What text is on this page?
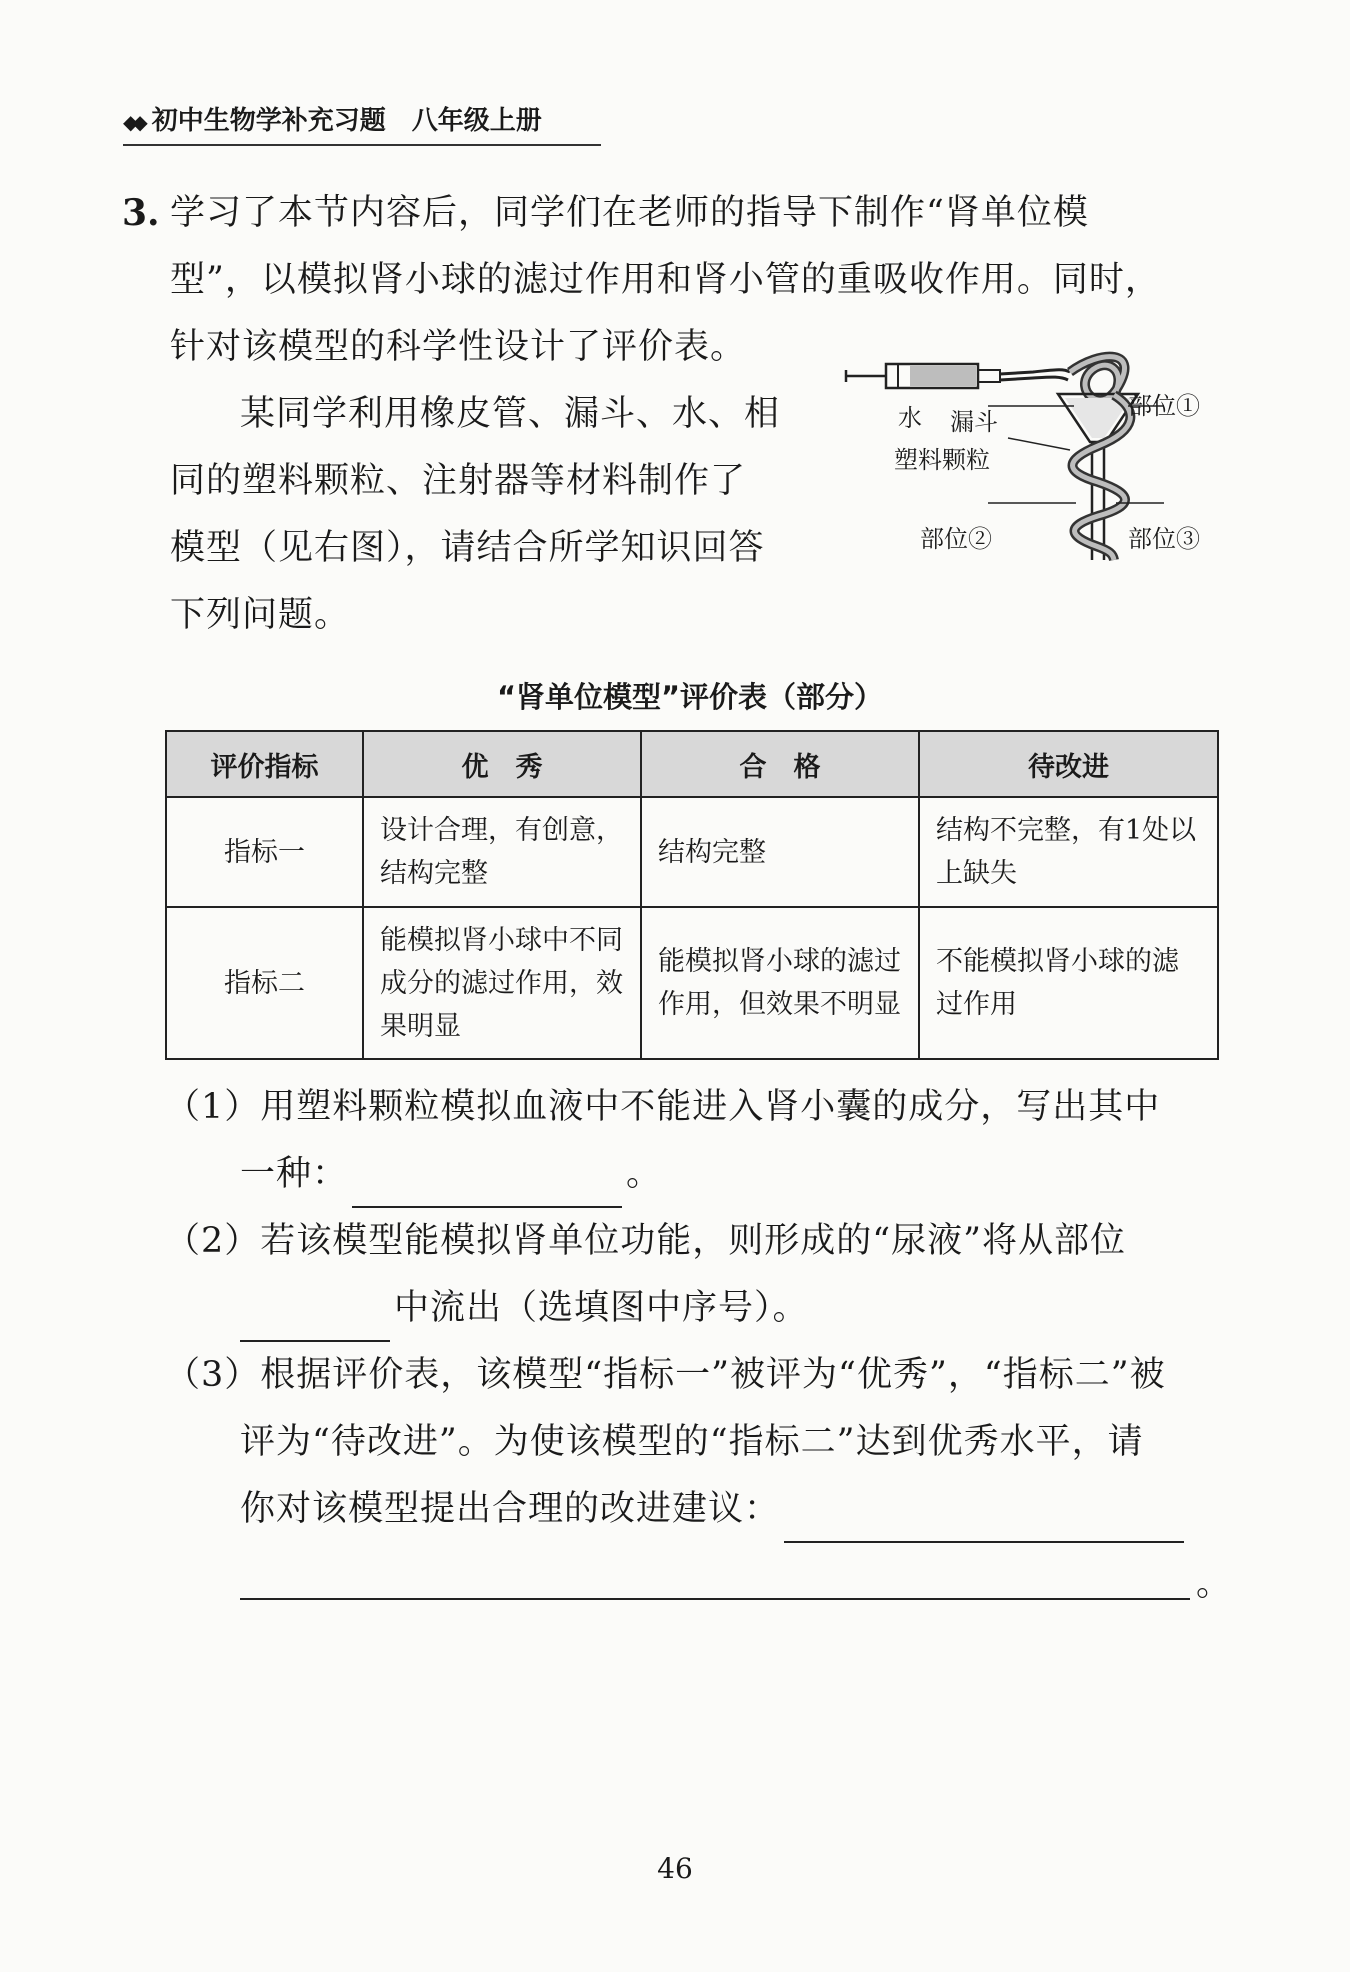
◆◆ 初中生物学补充习题 八年级上册
3. 学习了本节内容后，同学们在老师的指导下制作“肾单位模
型”，以模拟肾小球的滤过作用和肾小管的重吸收作用。同时，
针对该模型的科学性设计了评价表。
某同学利用橡皮管、漏斗、水、相
同的塑料颗粒、注射器等材料制作了
模型（见右图），请结合所学知识回答
下列问题。
水 漏斗
部位①
塑料颗粒
部位②	部位③
“肾单位模型”评价表（部分）
评价指标	优　秀	合　格	待改进
指标一	设计合理，有创意，结构完整	结构完整	结构不完整，有1处以上缺失
指标二	能模拟肾小球中不同成分的滤过作用，效果明显	能模拟肾小球的滤过作用，但效果不明显	不能模拟肾小球的滤过作用
（1）用塑料颗粒模拟血液中不能进入肾小囊的成分，写出其中
一种：	。
（2）若该模型能模拟肾单位功能，则形成的“尿液”将从部位
中流出（选填图中序号）。
（3）根据评价表，该模型“指标一”被评为“优秀”，“指标二”被
评为“待改进”。为使该模型的“指标二”达到优秀水平，请
你对该模型提出合理的改进建议：
。
46
